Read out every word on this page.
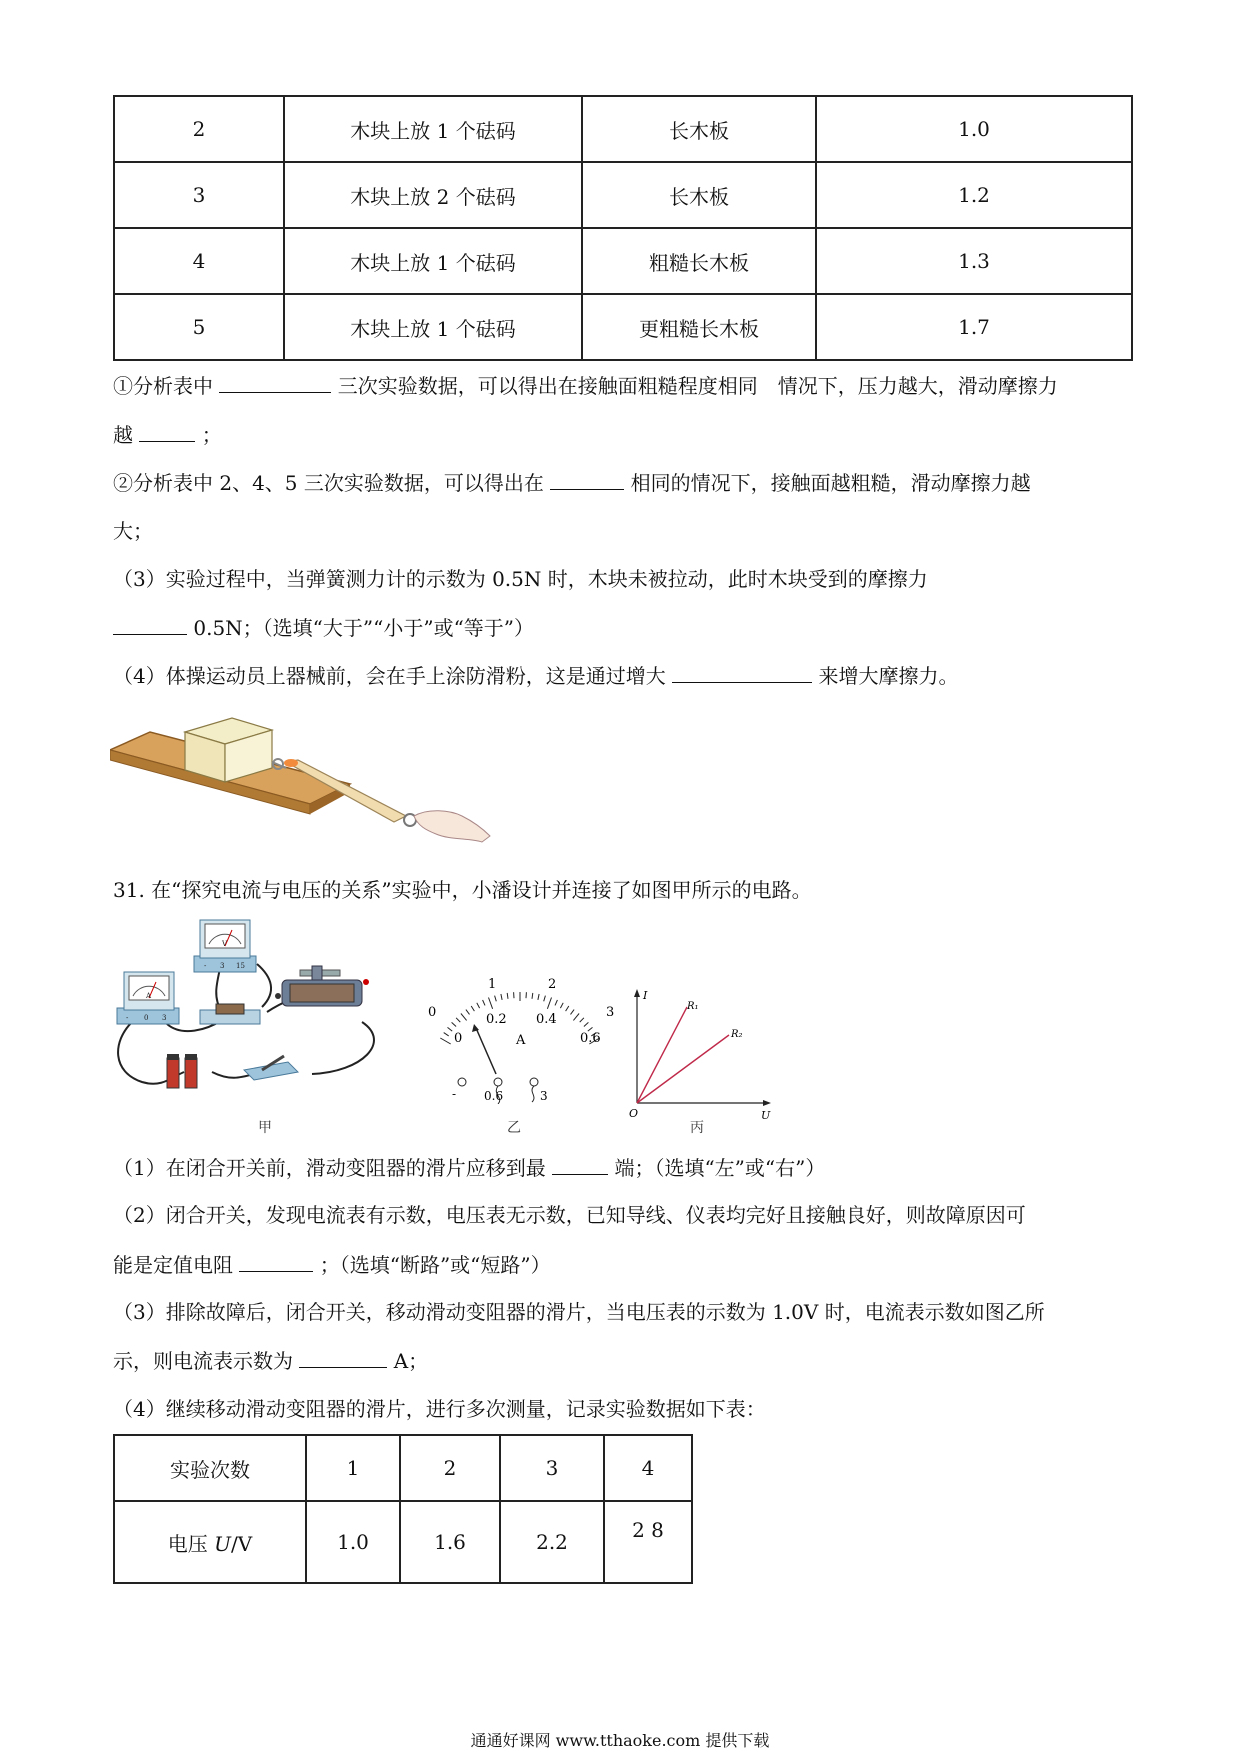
2	木块上放 1 个砝码	长木板	1.0
3	木块上放 2 个砝码	长木板	1.2
4	木块上放 1 个砝码	粗糙长木板	1.3
5	木块上放 1 个砝码	更粗糙长木板	1.7
①分析表中	三次实验数据，可以得出在接触面粗糙程度相同　情况下，压力越大，滑动摩擦力
越	；
②分析表中 2、4、5 三次实验数据，可以得出在	相同的情况下，接触面越粗糙，滑动摩擦力越
大；
（3）实验过程中，当弹簧测力计的示数为 0.5N 时，木块未被拉动，此时木块受到的摩擦力
0.5N；（选填“大于”“小于”或“等于”）
（4）体操运动员上器械前，会在手上涂防滑粉，这是通过增大	来增大摩擦力。
31. 在“探究电流与电压的关系”实验中，小潘设计并连接了如图甲所示的电路。
A
- 0 3
V
- 3 15
甲
0
1	2
3
0
0.2 0.4
0.6
A
- 0.6	3
乙
I
U
O
R₁
R₂
丙
（1）在闭合开关前，滑动变阻器的滑片应移到最	端；（选填“左”或“右”）
（2）闭合开关，发现电流表有示数，电压表无示数，已知导线、仪表均完好且接触良好，则故障原因可
能是定值电阻	；（选填“断路”或“短路”）
（3）排除故障后，闭合开关，移动滑动变阻器的滑片，当电压表的示数为 1.0V 时，电流表示数如图乙所
示，则电流表示数为	A；
（4）继续移动滑动变阻器的滑片，进行多次测量，记录实验数据如下表：
实验次数	1	2	3	4
电压 U/V	1.0	1.6	2.2	2 8
通通好课网 www.tthaoke.com 提供下载
